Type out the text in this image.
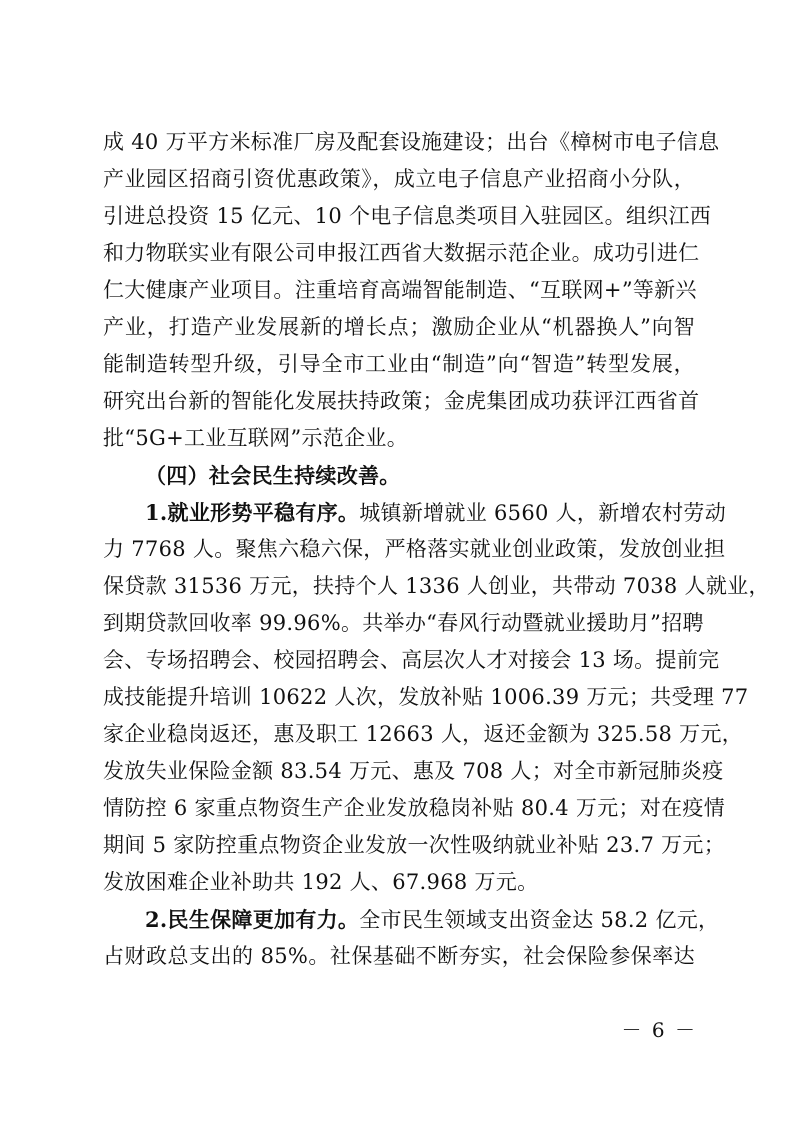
成 40 万平方米标准厂房及配套设施建设；出台《樟树市电子信息
产业园区招商引资优惠政策》，成立电子信息产业招商小分队，
引进总投资 15 亿元、10 个电子信息类项目入驻园区。组织江西
和力物联实业有限公司申报江西省大数据示范企业。成功引进仁
仁大健康产业项目。注重培育高端智能制造、“互联网+”等新兴
产业，打造产业发展新的增长点；激励企业从“机器换人”向智
能制造转型升级，引导全市工业由“制造”向“智造”转型发展，
研究出台新的智能化发展扶持政策；金虎集团成功获评江西省首
批“5G+工业互联网”示范企业。
（四）社会民生持续改善。
1.就业形势平稳有序。城镇新增就业 6560 人，新增农村劳动
力 7768 人。聚焦六稳六保，严格落实就业创业政策，发放创业担
保贷款 31536 万元，扶持个人 1336 人创业，共带动 7038 人就业，
到期贷款回收率 99.96%。共举办“春风行动暨就业援助月”招聘
会、专场招聘会、校园招聘会、高层次人才对接会 13 场。提前完
成技能提升培训 10622 人次，发放补贴 1006.39 万元；共受理 77
家企业稳岗返还，惠及职工 12663 人，返还金额为 325.58 万元，
发放失业保险金额 83.54 万元、惠及 708 人；对全市新冠肺炎疫
情防控 6 家重点物资生产企业发放稳岗补贴 80.4 万元；对在疫情
期间 5 家防控重点物资企业发放一次性吸纳就业补贴 23.7 万元；
发放困难企业补助共 192 人、67.968 万元。
2.民生保障更加有力。全市民生领域支出资金达 58.2 亿元，
占财政总支出的 85%。社保基础不断夯实，社会保险参保率达
－ 6 －
